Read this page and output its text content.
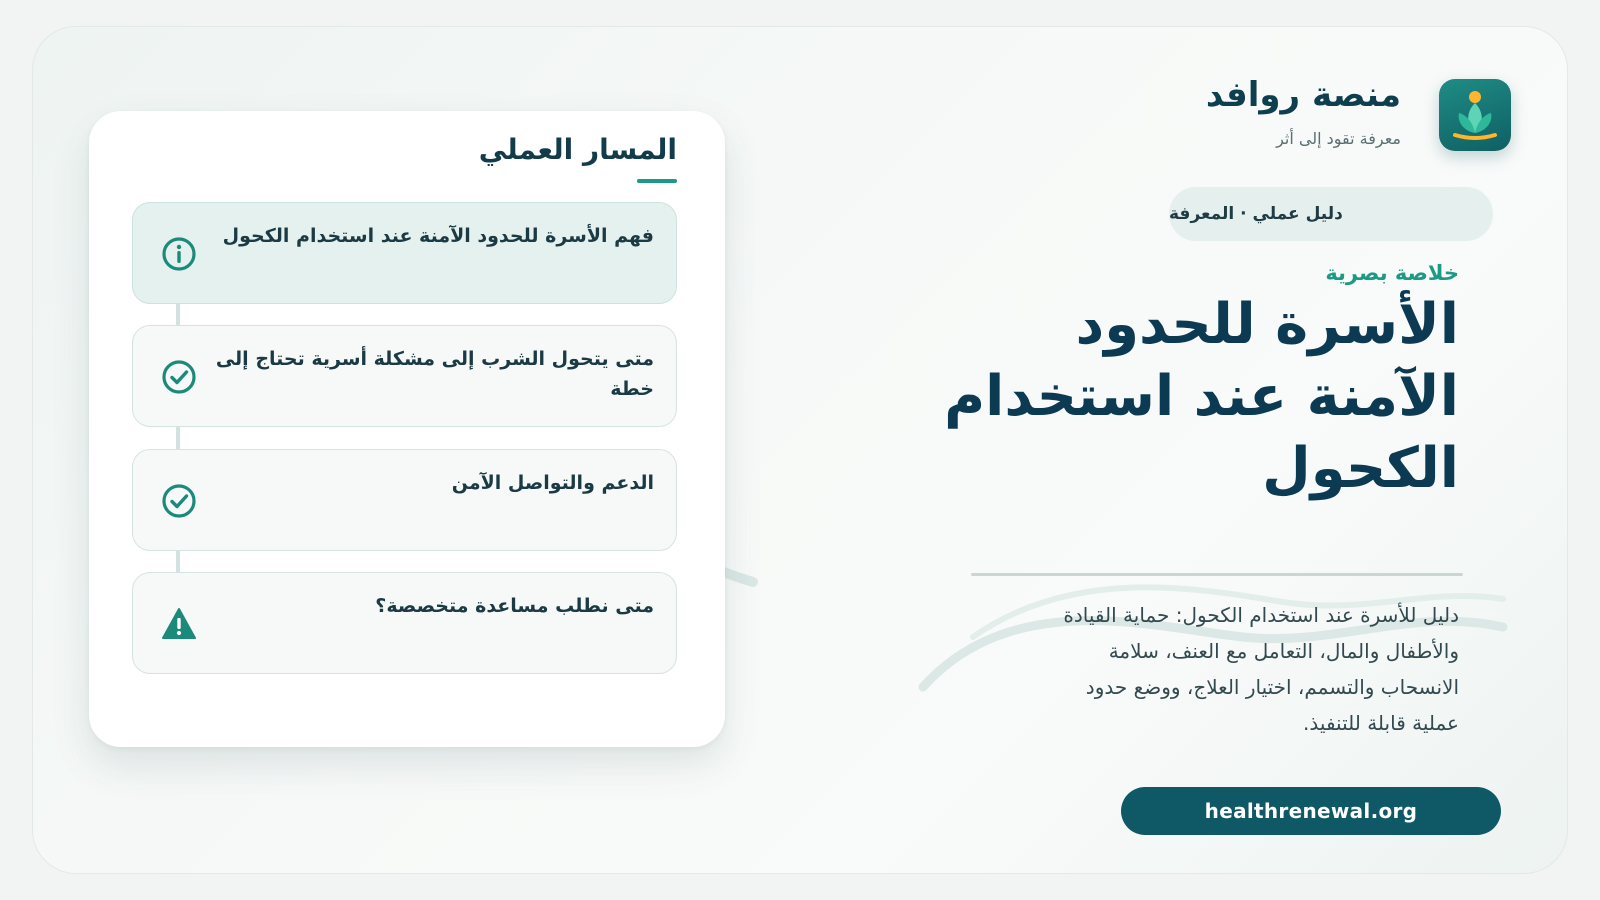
منصة روافد
معرفة تقود إلى أثر
دليل عملي · المعرفة
خلاصة بصرية
الأسرة للحدود الآمنة عند استخدام الكحول
دليل للأسرة عند استخدام الكحول: حماية القيادة والأطفال والمال، التعامل مع العنف، سلامة الانسحاب والتسمم، اختيار العلاج، ووضع حدود عملية قابلة للتنفيذ.
healthrenewal.org
المسار العملي
فهم الأسرة للحدود الآمنة عند استخدام الكحول
متى يتحول الشرب إلى مشكلة أسرية تحتاج إلى خطة
الدعم والتواصل الآمن
متى نطلب مساعدة متخصصة؟
